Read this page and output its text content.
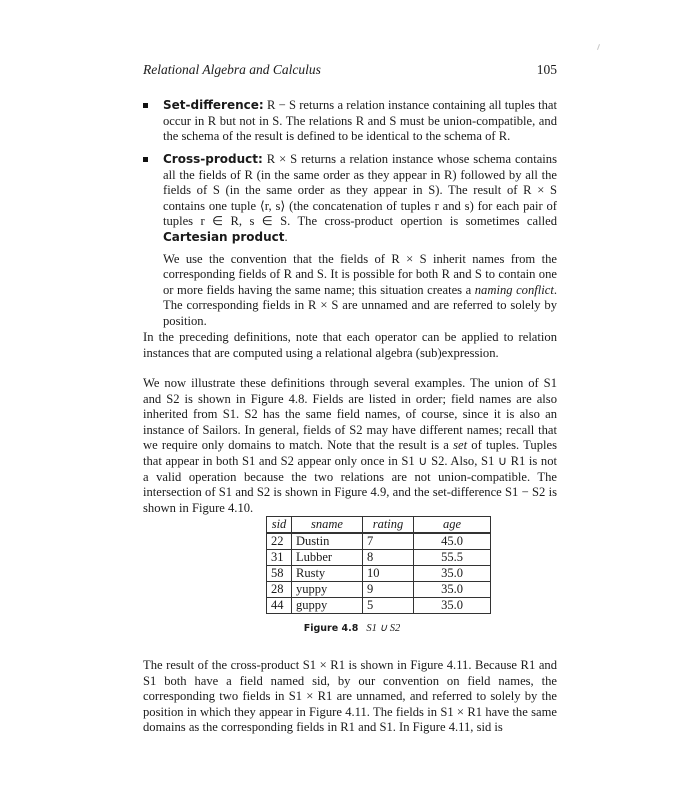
Relational Algebra and Calculus	105

Set-difference: R − S returns a relation instance containing all tuples that occur in R but not in S. The relations R and S must be union-compatible, and the schema of the result is defined to be identical to the schema of R.

Cross-product: R × S returns a relation instance whose schema contains all the fields of R (in the same order as they appear in R) followed by all the fields of S (in the same order as they appear in S). The result of R × S contains one tuple ⟨r, s⟩ (the concatenation of tuples r and s) for each pair of tuples r ∈ R, s ∈ S. The cross-product opertion is sometimes called Cartesian product.

We use the convention that the fields of R × S inherit names from the corresponding fields of R and S. It is possible for both R and S to contain one or more fields having the same name; this situation creates a naming conflict. The corresponding fields in R × S are unnamed and are referred to solely by position.

In the preceding definitions, note that each operator can be applied to relation instances that are computed using a relational algebra (sub)expression.

We now illustrate these definitions through several examples. The union of S1 and S2 is shown in Figure 4.8. Fields are listed in order; field names are also inherited from S1. S2 has the same field names, of course, since it is also an instance of Sailors. In general, fields of S2 may have different names; recall that we require only domains to match. Note that the result is a set of tuples. Tuples that appear in both S1 and S2 appear only once in S1 ∪ S2. Also, S1 ∪ R1 is not a valid operation because the two relations are not union-compatible. The intersection of S1 and S2 is shown in Figure 4.9, and the set-difference S1 − S2 is shown in Figure 4.10.

sid	sname	rating	age
22	Dustin	7	45.0
31	Lubber	8	55.5
58	Rusty	10	35.0
28	yuppy	9	35.0
44	guppy	5	35.0
Figure 4.8 S1 ∪ S2

The result of the cross-product S1 × R1 is shown in Figure 4.11. Because R1 and S1 both have a field named sid, by our convention on field names, the corresponding two fields in S1 × R1 are unnamed, and referred to solely by the position in which they appear in Figure 4.11. The fields in S1 × R1 have the same domains as the corresponding fields in R1 and S1. In Figure 4.11, sid is
